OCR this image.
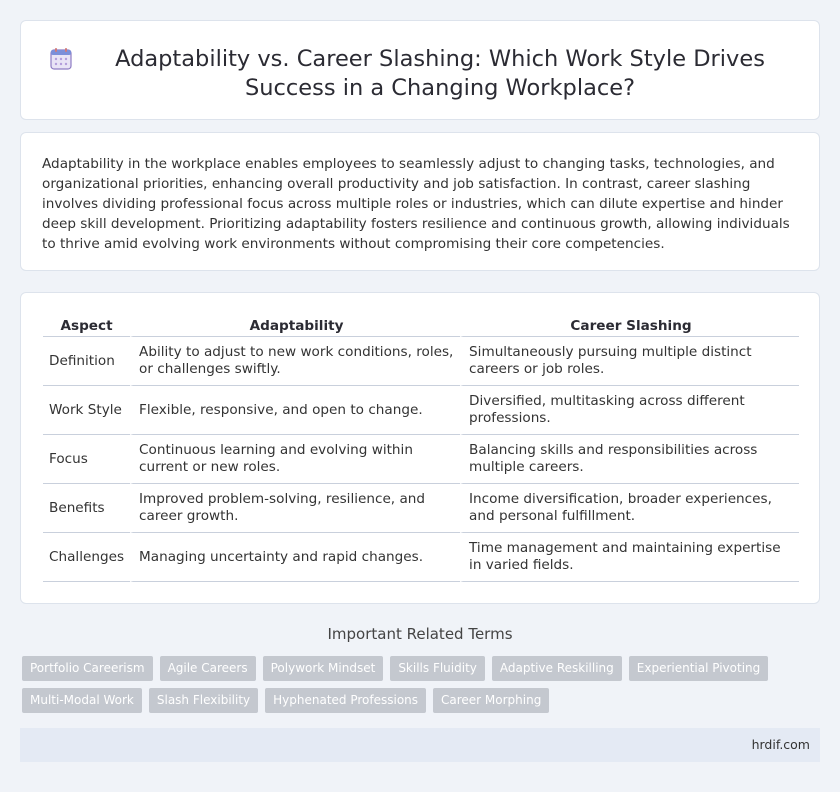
Adaptability vs. Career Slashing: Which Work Style Drives Success in a Changing Workplace?

Adaptability in the workplace enables employees to seamlessly adjust to changing tasks, technologies, and organizational priorities, enhancing overall productivity and job satisfaction. In contrast, career slashing involves dividing professional focus across multiple roles or industries, which can dilute expertise and hinder deep skill development. Prioritizing adaptability fosters resilience and continuous growth, allowing individuals to thrive amid evolving work environments without compromising their core competencies.

Aspect	Adaptability	Career Slashing
Definition	Ability to adjust to new work conditions, roles, or challenges swiftly.	Simultaneously pursuing multiple distinct careers or job roles.
Work Style	Flexible, responsive, and open to change.	Diversified, multitasking across different professions.
Focus	Continuous learning and evolving within current or new roles.	Balancing skills and responsibilities across multiple careers.
Benefits	Improved problem-solving, resilience, and career growth.	Income diversification, broader experiences, and personal fulfillment.
Challenges	Managing uncertainty and rapid changes.	Time management and maintaining expertise in varied fields.
Important Related Terms
Portfolio Careerism	Agile Careers	Polywork Mindset	Skills Fluidity	Adaptive Reskilling	Experiential Pivoting
Multi-Modal Work	Slash Flexibility	Hyphenated Professions	Career Morphing
hrdif.com
